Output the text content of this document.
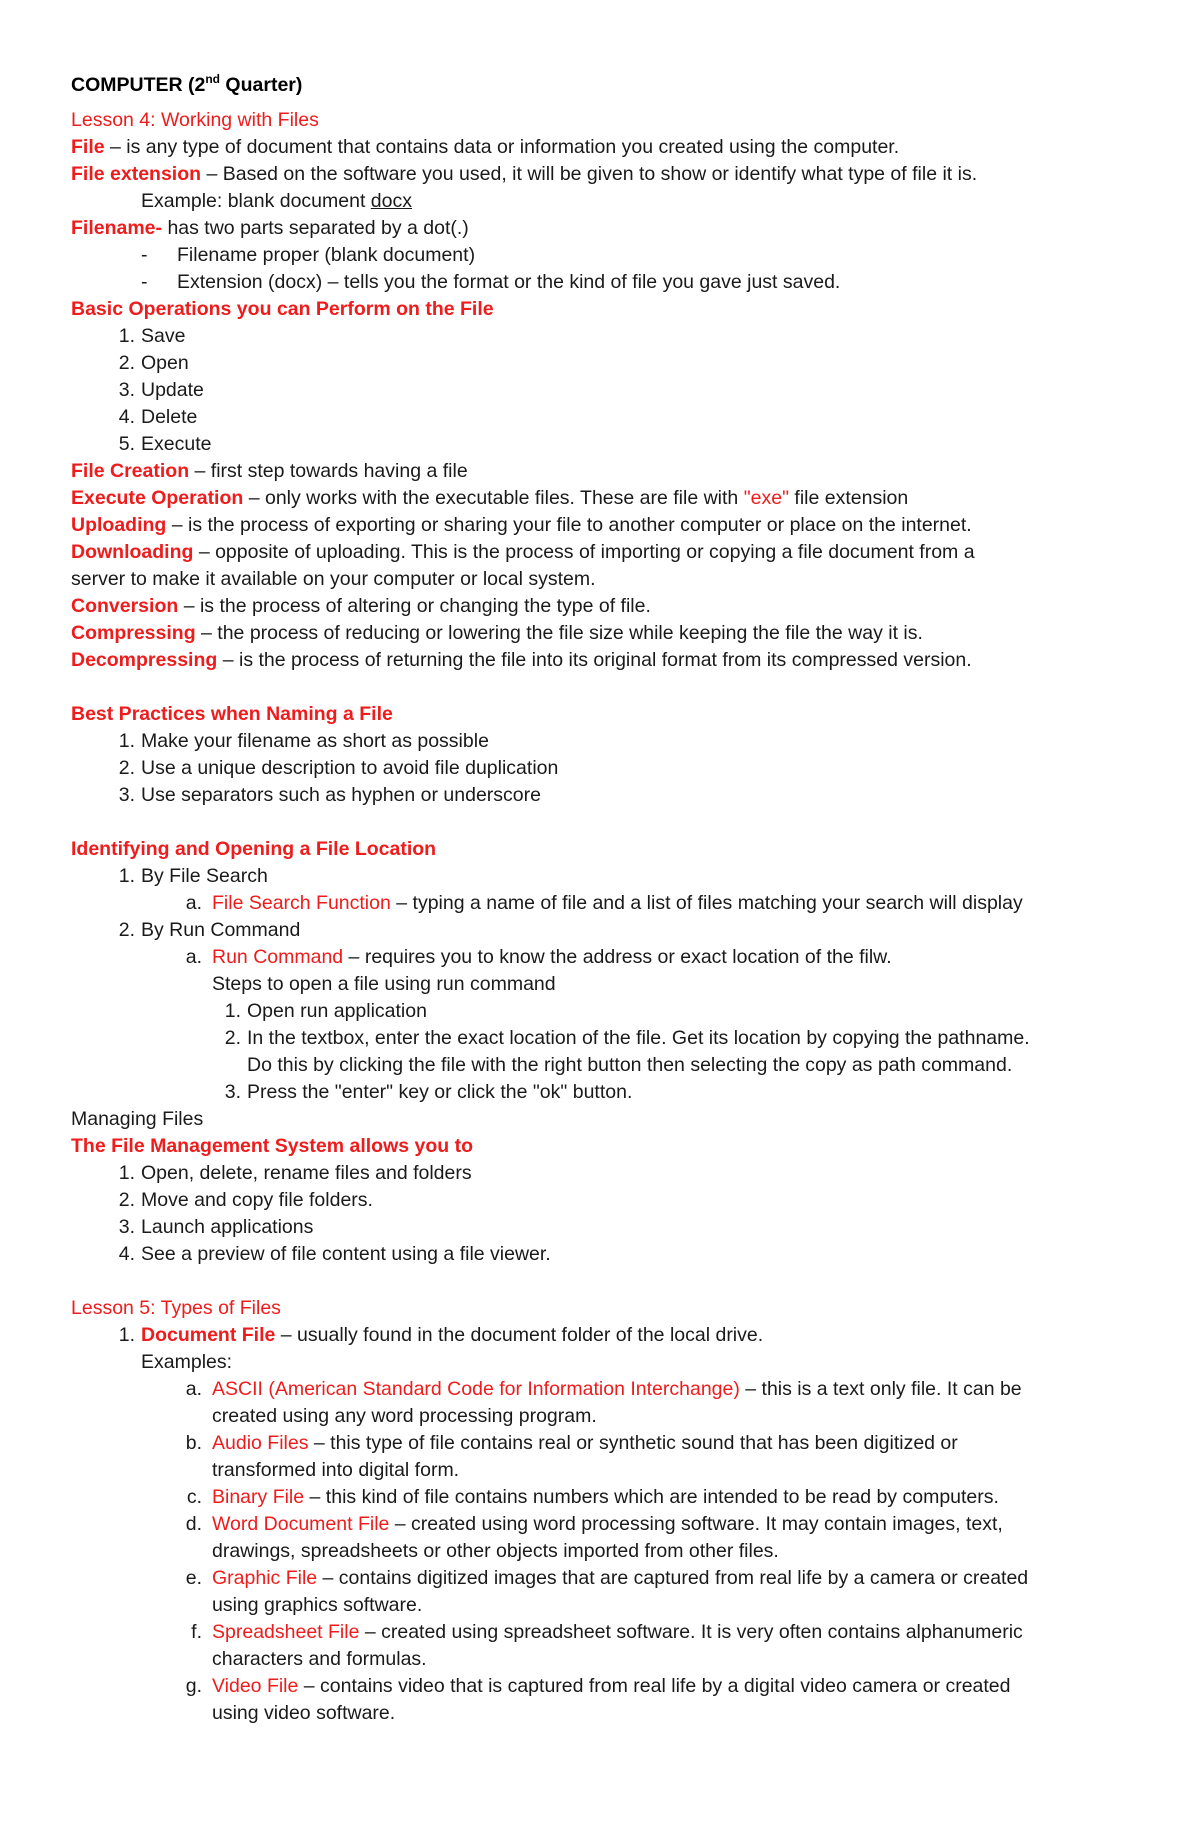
COMPUTER (2nd Quarter)
Lesson 4: Working with Files
File – is any type of document that contains data or information you created using the computer.
File extension – Based on the software you used, it will be given to show or identify what type of file it is.
Example: blank document docx
Filename- has two parts separated by a dot(.)
-	Filename proper (blank document)
-	Extension (docx) – tells you the format or the kind of file you gave just saved.
Basic Operations you can Perform on the File
1. Save
2. Open
3. Update
4. Delete
5. Execute
File Creation – first step towards having a file
Execute Operation – only works with the executable files. These are file with "exe" file extension
Uploading – is the process of exporting or sharing your file to another computer or place on the internet.
Downloading – opposite of uploading. This is the process of importing or copying a file document from a
server to make it available on your computer or local system.
Conversion – is the process of altering or changing the type of file.
Compressing – the process of reducing or lowering the file size while keeping the file the way it is.
Decompressing – is the process of returning the file into its original format from its compressed version.
Best Practices when Naming a File
1. Make your filename as short as possible
2. Use a unique description to avoid file duplication
3. Use separators such as hyphen or underscore
Identifying and Opening a File Location
1. By File Search
a. File Search Function – typing a name of file and a list of files matching your search will display
2. By Run Command
a. Run Command – requires you to know the address or exact location of the filw.
Steps to open a file using run command
1. Open run application
2. In the textbox, enter the exact location of the file. Get its location by copying the pathname.
Do this by clicking the file with the right button then selecting the copy as path command.
3. Press the "enter" key or click the "ok" button.
Managing Files
The File Management System allows you to
1. Open, delete, rename files and folders
2. Move and copy file folders.
3. Launch applications
4. See a preview of file content using a file viewer.
Lesson 5: Types of Files
1. Document File – usually found in the document folder of the local drive.
Examples:
a. ASCII (American Standard Code for Information Interchange) – this is a text only file. It can be
created using any word processing program.
b. Audio Files – this type of file contains real or synthetic sound that has been digitized or
transformed into digital form.
c. Binary File – this kind of file contains numbers which are intended to be read by computers.
d. Word Document File – created using word processing software. It may contain images, text,
drawings, spreadsheets or other objects imported from other files.
e. Graphic File – contains digitized images that are captured from real life by a camera or created
using graphics software.
f. Spreadsheet File – created using spreadsheet software. It is very often contains alphanumeric
characters and formulas.
g. Video File – contains video that is captured from real life by a digital video camera or created
using video software.
